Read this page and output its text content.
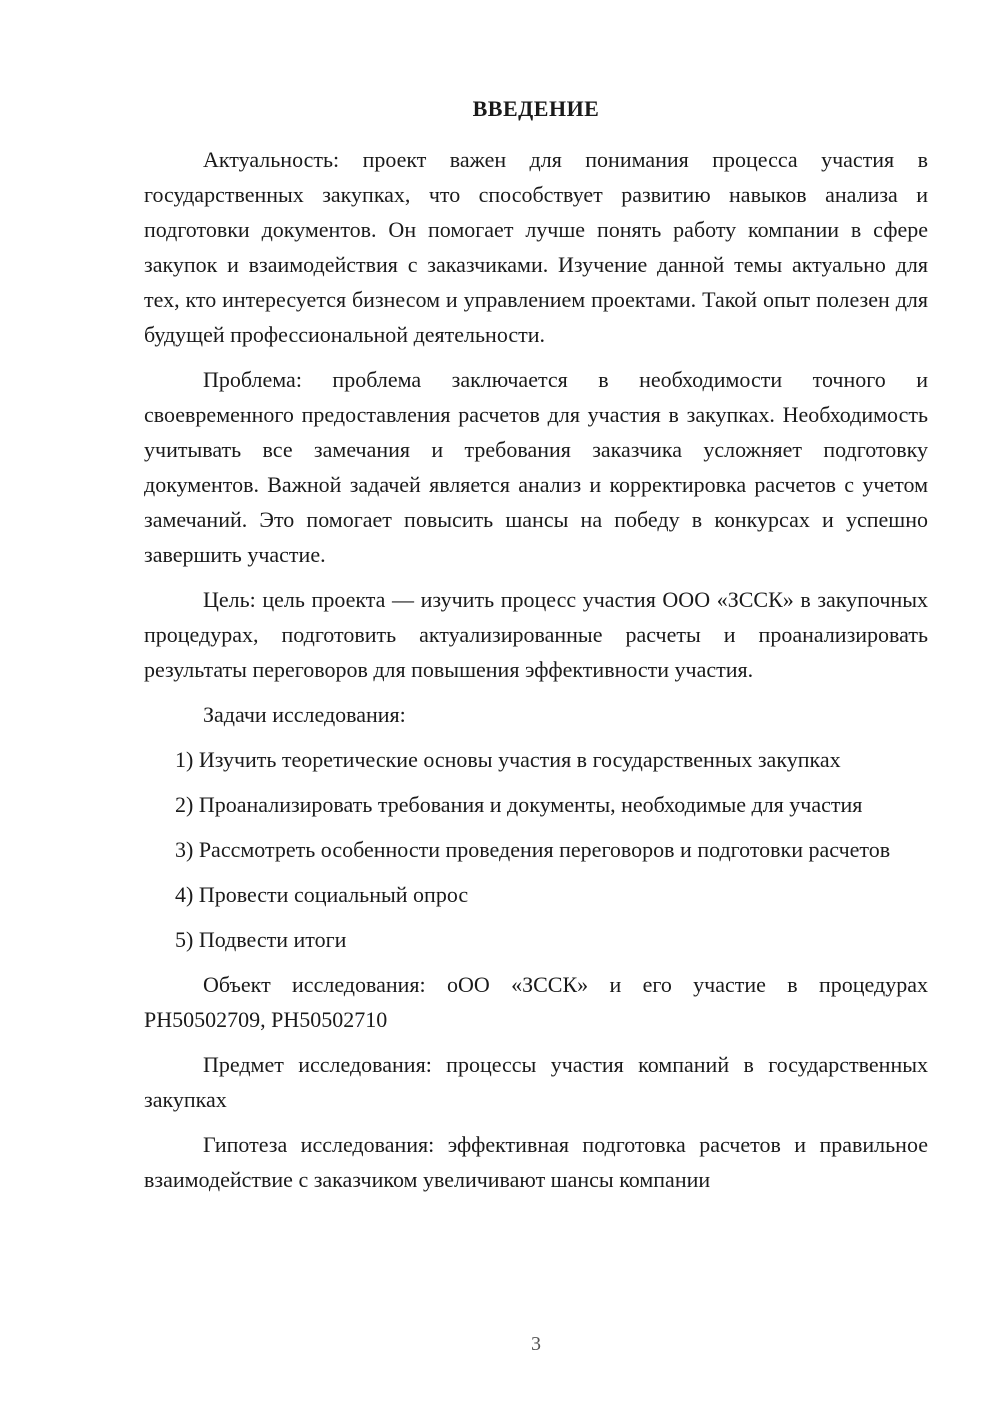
ВВЕДЕНИЕ

Актуальность: проект важен для понимания процесса участия в государственных закупках, что способствует развитию навыков анализа и подготовки документов. Он помогает лучше понять работу компании в сфере закупок и взаимодействия с заказчиками. Изучение данной темы актуально для тех, кто интересуется бизнесом и управлением проектами. Такой опыт полезен для будущей профессиональной деятельности.

Проблема: проблема заключается в необходимости точного и своевременного предоставления расчетов для участия в закупках. Необходимость учитывать все замечания и требования заказчика усложняет подготовку документов. Важной задачей является анализ и корректировка расчетов с учетом замечаний. Это помогает повысить шансы на победу в конкурсах и успешно завершить участие.

Цель: цель проекта — изучить процесс участия ООО «ЗССК» в закупочных процедурах, подготовить актуализированные расчеты и проанализировать результаты переговоров для повышения эффективности участия.

Задачи исследования:

1) Изучить теоретические основы участия в государственных закупках

2) Проанализировать требования и документы, необходимые для участия

3) Рассмотреть особенности проведения переговоров и подготовки расчетов

4) Провести социальный опрос

5) Подвести итоги

Объект исследования: оОО «ЗССК» и его участие в процедурах РН50502709, РН50502710

Предмет исследования: процессы участия компаний в государственных закупках

Гипотеза исследования: эффективная подготовка расчетов и правильное взаимодействие с заказчиком увеличивают шансы компании

3
